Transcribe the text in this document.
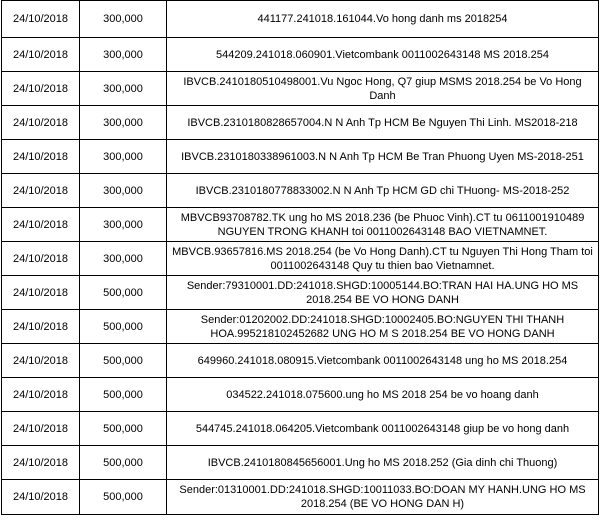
24/10/2018	300,000	441177.241018.161044.Vo hong danh ms 2018254
24/10/2018	300,000	544209.241018.060901.Vietcombank 0011002643148 MS 2018.254
24/10/2018	300,000	IBVCB.2410180510498001.Vu Ngoc Hong, Q7 giup MSMS 2018.254 be Vo Hong Danh
24/10/2018	300,000	IBVCB.2310180828657004.N N Anh Tp HCM Be Nguyen Thi Linh. MS2018-218
24/10/2018	300,000	IBVCB.2310180338961003.N N Anh Tp HCM Be Tran Phuong Uyen MS-2018-251
24/10/2018	300,000	IBVCB.2310180778833002.N N Anh Tp HCM GD chi THuong- MS-2018-252
24/10/2018	300,000	MBVCB93708782.TK ung ho MS 2018.236 (be Phuoc Vinh).CT tu 0611001910489 NGUYEN TRONG KHANH toi 0011002643148 BAO VIETNAMNET.
24/10/2018	300,000	MBVCB.93657816.MS 2018.254 (be Vo Hong Danh).CT tu Nguyen Thi Hong Tham toi 0011002643148 Quy tu thien bao Vietnamnet.
24/10/2018	500,000	Sender:79310001.DD:241018.SHGD:10005144.BO:TRAN HAI HA.UNG HO MS 2018.254 BE VO HONG DANH
24/10/2018	500,000	Sender:01202002.DD:241018.SHGD:10002405.BO:NGUYEN THI THANH HOA.995218102452682 UNG HO M S 2018.254 BE VO HONG DANH
24/10/2018	500,000	649960.241018.080915.Vietcombank 0011002643148 ung ho MS 2018.254
24/10/2018	500,000	034522.241018.075600.ung ho MS 2018 254 be vo hoang danh
24/10/2018	500,000	544745.241018.064205.Vietcombank 0011002643148 giup be vo hong danh
24/10/2018	500,000	IBVCB.2410180845656001.Ung ho MS 2018.252 (Gia dinh chi Thuong)
24/10/2018	500,000	Sender:01310001.DD:241018.SHGD:10011033.BO:DOAN MY HANH.UNG HO MS 2018.254 (BE VO HONG DAN H)
